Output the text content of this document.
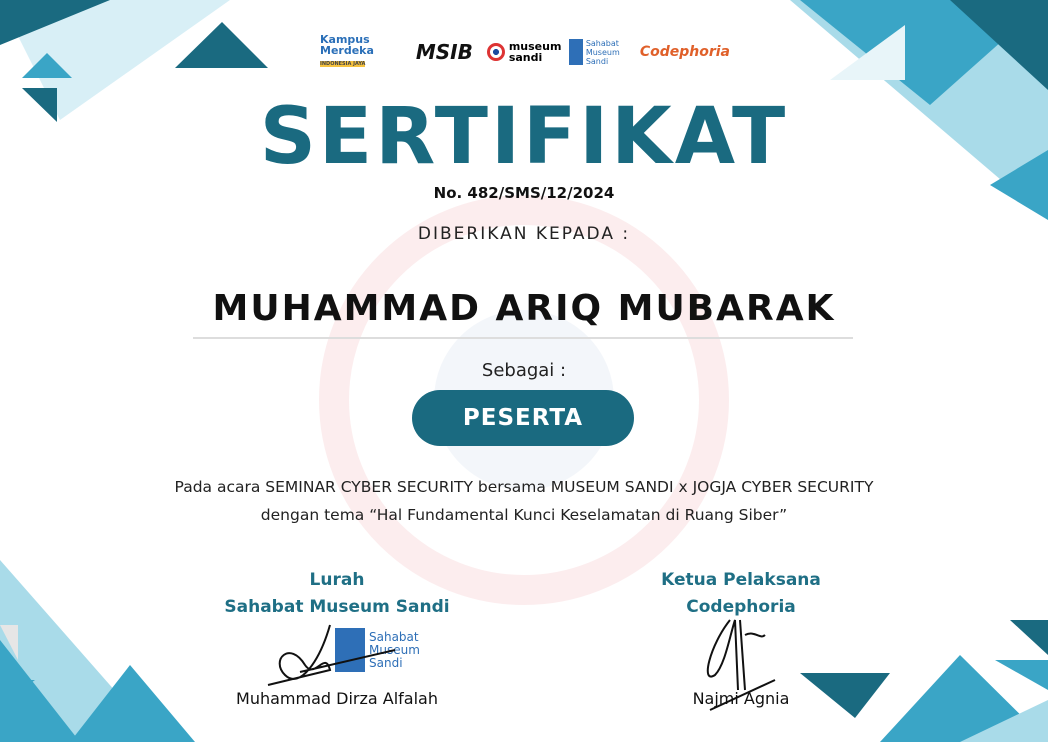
Kampus Merdeka
INDONESIA JAYA	MSIB	museum sandi
Sahabat Museum Sandi
Codephoria
SERTIFIKAT
No. 482/SMS/12/2024
DIBERIKAN KEPADA :
MUHAMMAD ARIQ MUBARAK
Sebagai :
PESERTA
Pada acara SEMINAR CYBER SECURITY bersama MUSEUM SANDI x JOGJA CYBER SECURITY
dengan tema “Hal Fundamental Kunci Keselamatan di Ruang Siber”
Lurah
Sahabat Museum Sandi
Sahabat Museum Sandi
Muhammad Dirza Alfalah
Ketua Pelaksana
Codephoria
Najmi Agnia
